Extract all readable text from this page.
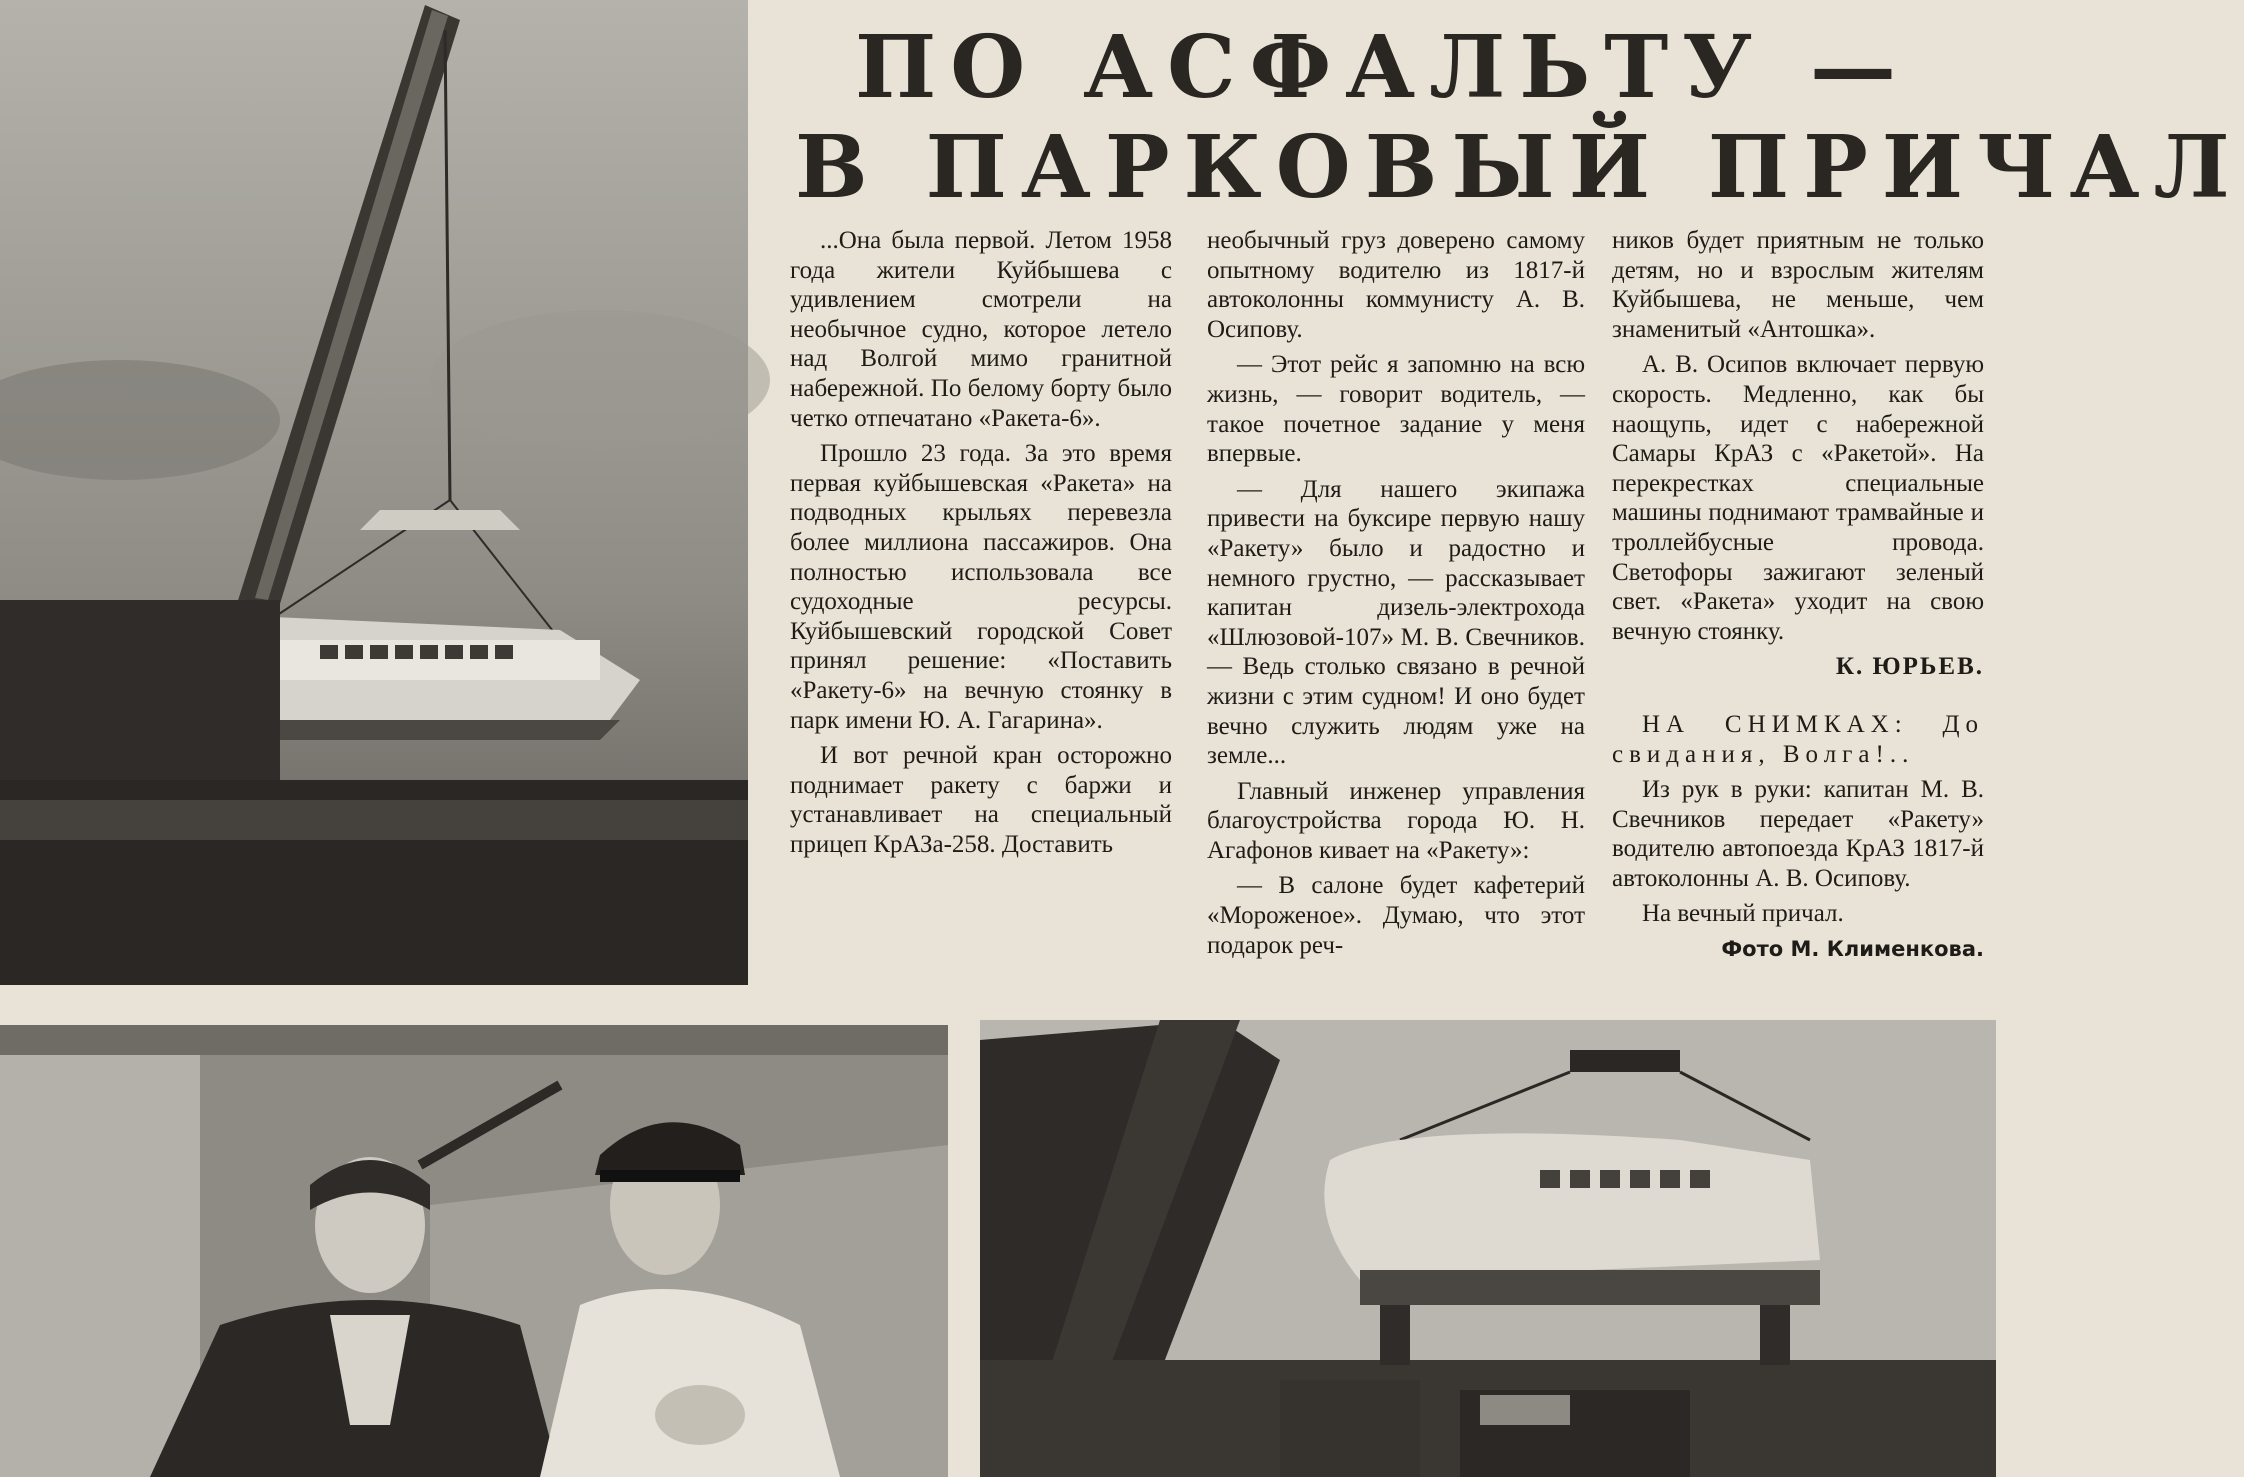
ПО АСФАЛЬТУ —
В ПАРКОВЫЙ ПРИЧАЛ

...Она была первой. Летом 1958 года жители Куйбышева с удивлением смотрели на необычное судно, которое летело над Волгой мимо гранитной набережной. По белому борту было четко отпечатано «Ракета-6».

Прошло 23 года. За это время первая куйбышевская «Ракета» на подводных крыльях перевезла более миллиона пассажиров. Она полностью использовала все судоходные ресурсы. Куйбышевский городской Совет принял решение: «Поставить «Ракету-6» на вечную стоянку в парк имени Ю. А. Гагарина».

И вот речной кран осторожно поднимает ракету с баржи и устанавливает на специальный прицеп КрАЗа-258. Доставить

необычный груз доверено самому опытному водителю из 1817-й автоколонны коммунисту А. В. Осипову.

— Этот рейс я запомню на всю жизнь, — говорит водитель, — такое почетное задание у меня впервые.

— Для нашего экипажа привести на буксире первую нашу «Ракету» было и радостно и немного грустно, — рассказывает капитан дизель-электрохода «Шлюзовой-107» М. В. Свечников. — Ведь столько связано в речной жизни с этим судном! И оно будет вечно служить людям уже на земле...

Главный инженер управления благоустройства города Ю. Н. Агафонов кивает на «Ракету»:

— В салоне будет кафетерий «Мороженое». Думаю, что этот подарок реч-

ников будет приятным не только детям, но и взрослым жителям Куйбышева, не меньше, чем знаменитый «Антошка».

А. В. Осипов включает первую скорость. Медленно, как бы наощупь, идет с набережной Самары КрАЗ с «Ракетой». На перекрестках специальные машины поднимают трамвайные и троллейбусные провода. Светофоры зажигают зеленый свет. «Ракета» уходит на свою вечную стоянку.

К. ЮРЬЕВ.

НА СНИМКАХ: До свидания, Волга!..

Из рук в руки: капитан М. В. Свечников передает «Ракету» водителю автопоезда КрАЗ 1817-й автоколонны А. В. Осипову.

На вечный причал.

Фото М. Клименкова.
